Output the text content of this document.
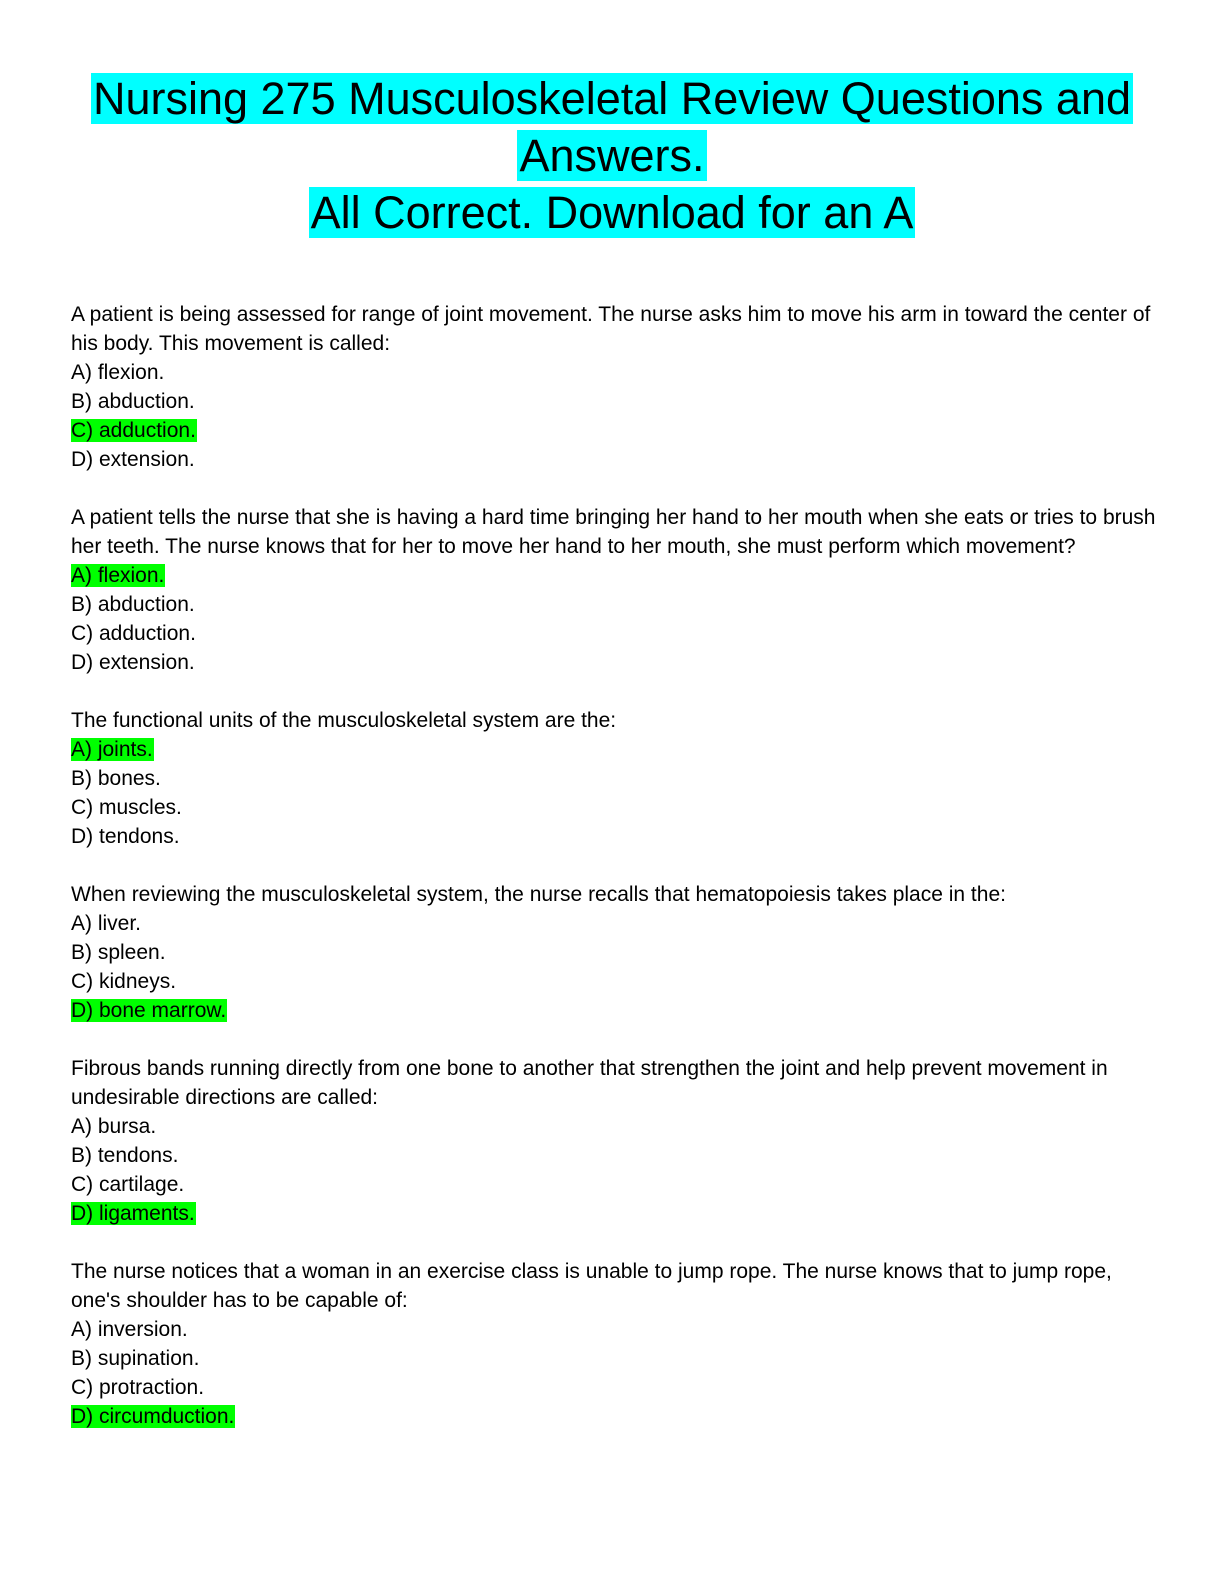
Nursing 275 Musculoskeletal Review Questions and
Answers.
All Correct. Download for an A

A patient is being assessed for range of joint movement. The nurse asks him to move his arm in toward the center of his body. This movement is called:

A) flexion.
B) abduction.
C) adduction.
D) extension.

A patient tells the nurse that she is having a hard time bringing her hand to her mouth when she eats or tries to brush her teeth. The nurse knows that for her to move her hand to her mouth, she must perform which movement?

A) flexion.
B) abduction.
C) adduction.
D) extension.

The functional units of the musculoskeletal system are the:

A) joints.
B) bones.
C) muscles.
D) tendons.

When reviewing the musculoskeletal system, the nurse recalls that hematopoiesis takes place in the:

A) liver.
B) spleen.
C) kidneys.
D) bone marrow.

Fibrous bands running directly from one bone to another that strengthen the joint and help prevent movement in undesirable directions are called:

A) bursa.
B) tendons.
C) cartilage.
D) ligaments.

The nurse notices that a woman in an exercise class is unable to jump rope. The nurse knows that to jump rope, one's shoulder has to be capable of:

A) inversion.
B) supination.
C) protraction.
D) circumduction.
